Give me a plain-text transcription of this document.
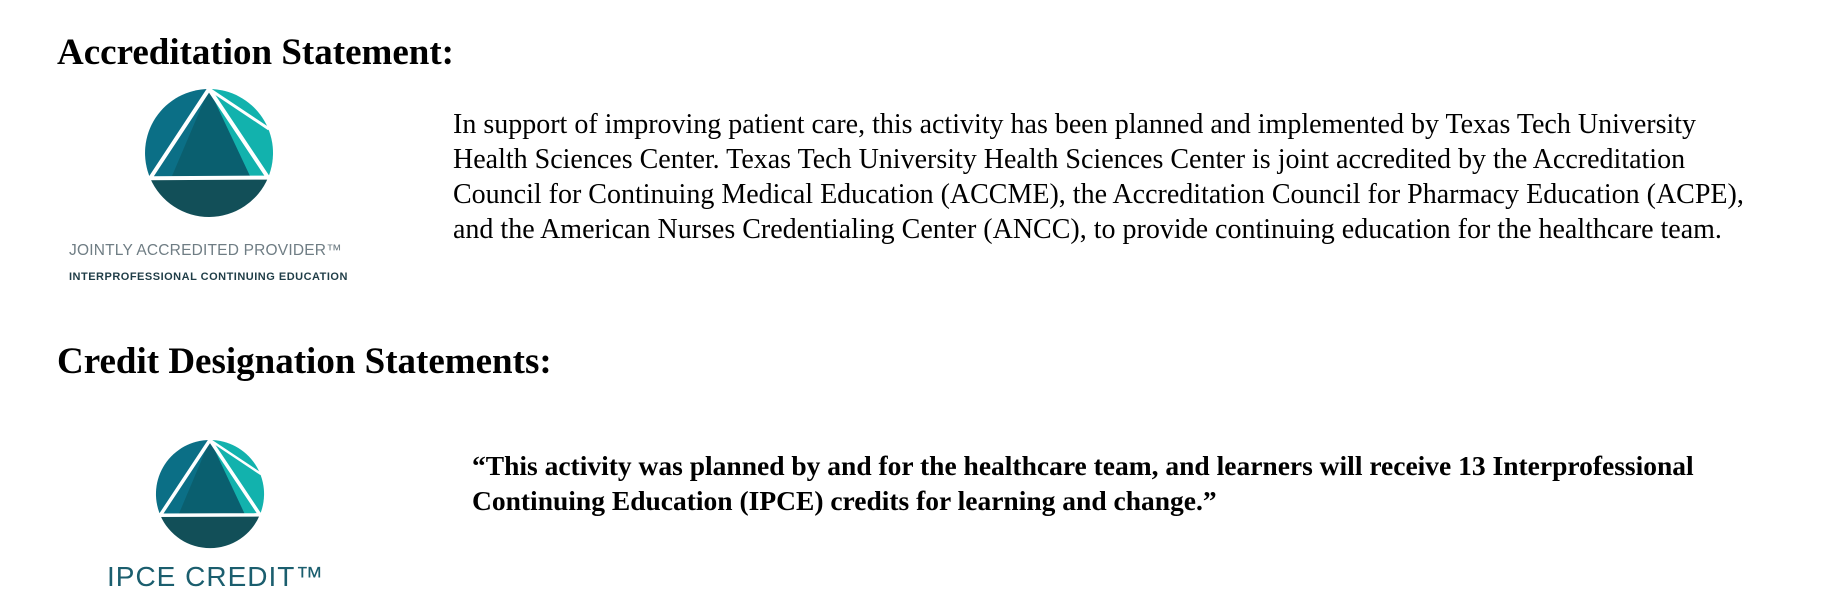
Accreditation Statement:
JOINTLY ACCREDITED PROVIDER™
INTERPROFESSIONAL CONTINUING EDUCATION

In support of improving patient care, this activity has been planned and implemented by Texas Tech University Health Sciences Center. Texas Tech University Health Sciences Center is joint accredited by the Accreditation Council for Continuing Medical Education (ACCME), the Accreditation Council for Pharmacy Education (ACPE), and the American Nurses Credentialing Center (ANCC), to provide continuing education for the healthcare team.

Credit Designation Statements:
IPCE CREDIT™

“This activity was planned by and for the healthcare team, and learners will receive 13 Interprofessional Continuing Education (IPCE) credits for learning and change.”
